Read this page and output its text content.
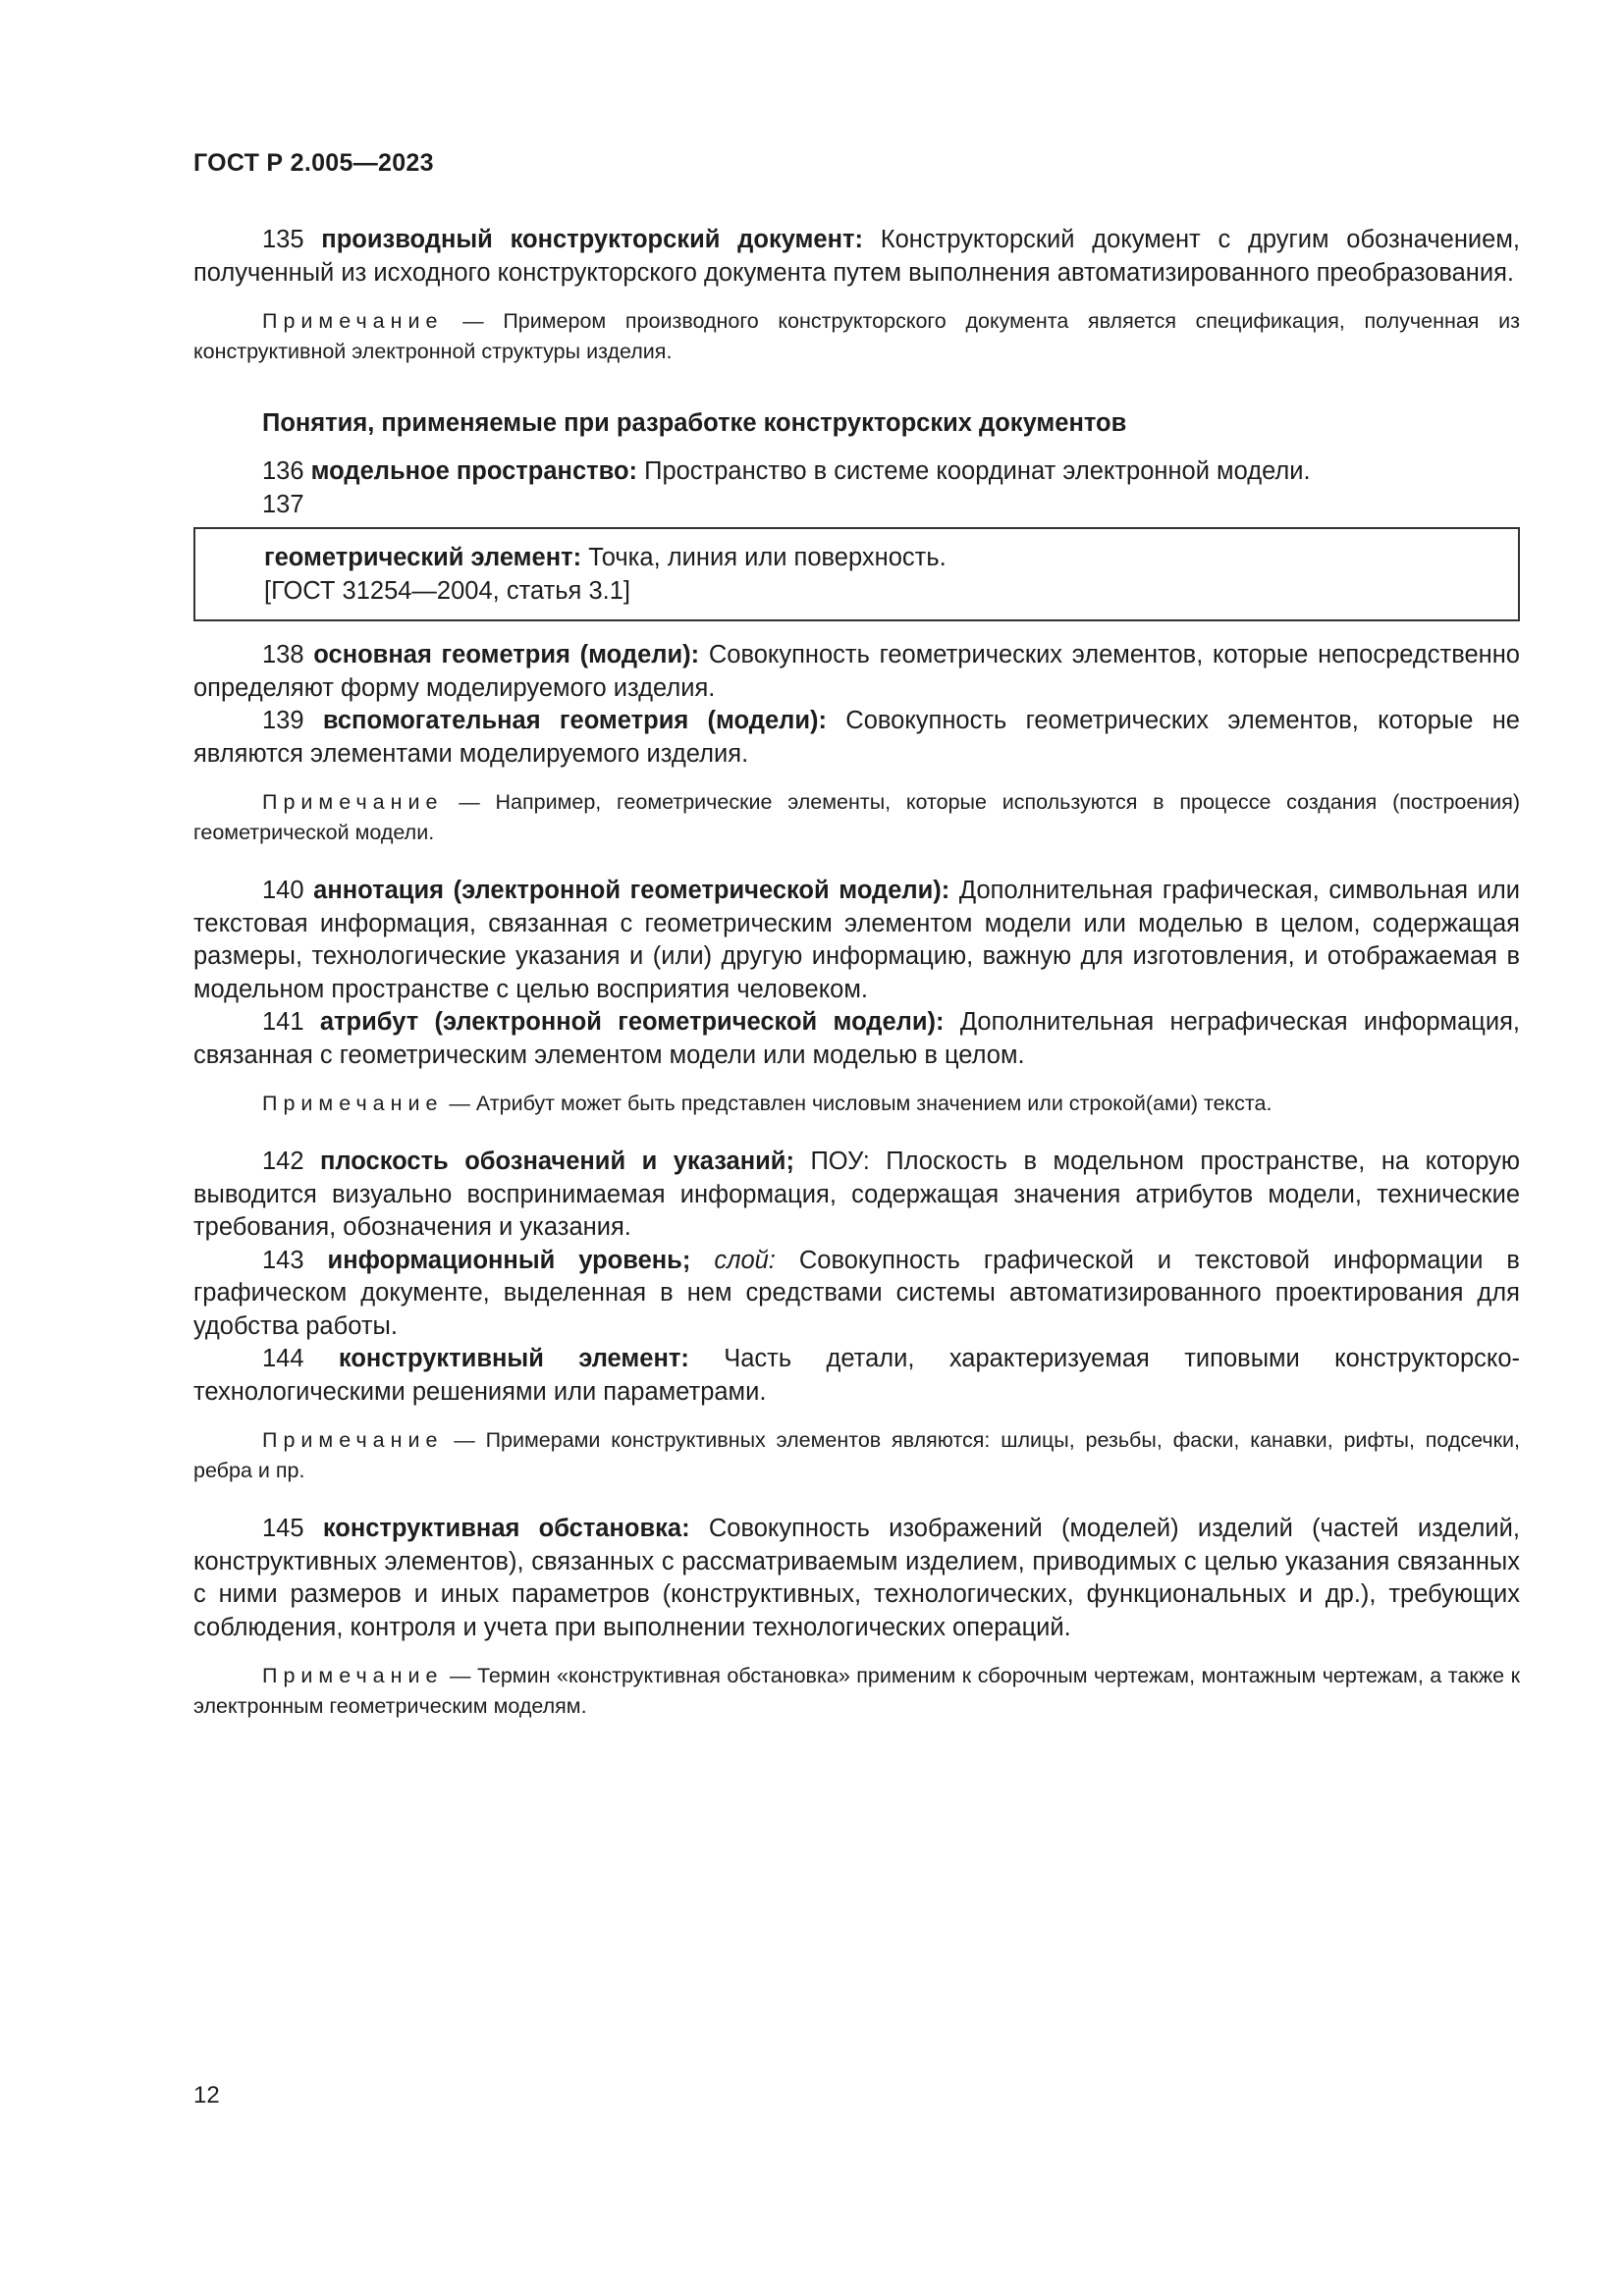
ГОСТ Р 2.005—2023

135 производный конструкторский документ: Конструкторский документ с другим обозначением, полученный из исходного конструкторского документа путем выполнения автоматизированного преобразования.

Примечание — Примером производного конструкторского документа является спецификация, полученная из конструктивной электронной структуры изделия.

Понятия, применяемые при разработке конструкторских документов

136 модельное пространство: Пространство в системе координат электронной модели.

137
геометрический элемент: Точка, линия или поверхность.
[ГОСТ 31254—2004, статья 3.1]

138 основная геометрия (модели): Совокупность геометрических элементов, которые непосредственно определяют форму моделируемого изделия.

139 вспомогательная геометрия (модели): Совокупность геометрических элементов, которые не являются элементами моделируемого изделия.

Примечание — Например, геометрические элементы, которые используются в процессе создания (построения) геометрической модели.

140 аннотация (электронной геометрической модели): Дополнительная графическая, символьная или текстовая информация, связанная с геометрическим элементом модели или моделью в целом, содержащая размеры, технологические указания и (или) другую информацию, важную для изготовления, и отображаемая в модельном пространстве с целью восприятия человеком.

141 атрибут (электронной геометрической модели): Дополнительная неграфическая информация, связанная с геометрическим элементом модели или моделью в целом.

Примечание — Атрибут может быть представлен числовым значением или строкой(ами) текста.

142 плоскость обозначений и указаний; ПОУ: Плоскость в модельном пространстве, на которую выводится визуально воспринимаемая информация, содержащая значения атрибутов модели, технические требования, обозначения и указания.

143 информационный уровень; слой: Совокупность графической и текстовой информации в графическом документе, выделенная в нем средствами системы автоматизированного проектирования для удобства работы.

144 конструктивный элемент: Часть детали, характеризуемая типовыми конструкторско-технологическими решениями или параметрами.

Примечание — Примерами конструктивных элементов являются: шлицы, резьбы, фаски, канавки, рифты, подсечки, ребра и пр.

145 конструктивная обстановка: Совокупность изображений (моделей) изделий (частей изделий, конструктивных элементов), связанных с рассматриваемым изделием, приводимых с целью указания связанных с ними размеров и иных параметров (конструктивных, технологических, функциональных и др.), требующих соблюдения, контроля и учета при выполнении технологических операций.

Примечание — Термин «конструктивная обстановка» применим к сборочным чертежам, монтажным чертежам, а также к электронным геометрическим моделям.

12
